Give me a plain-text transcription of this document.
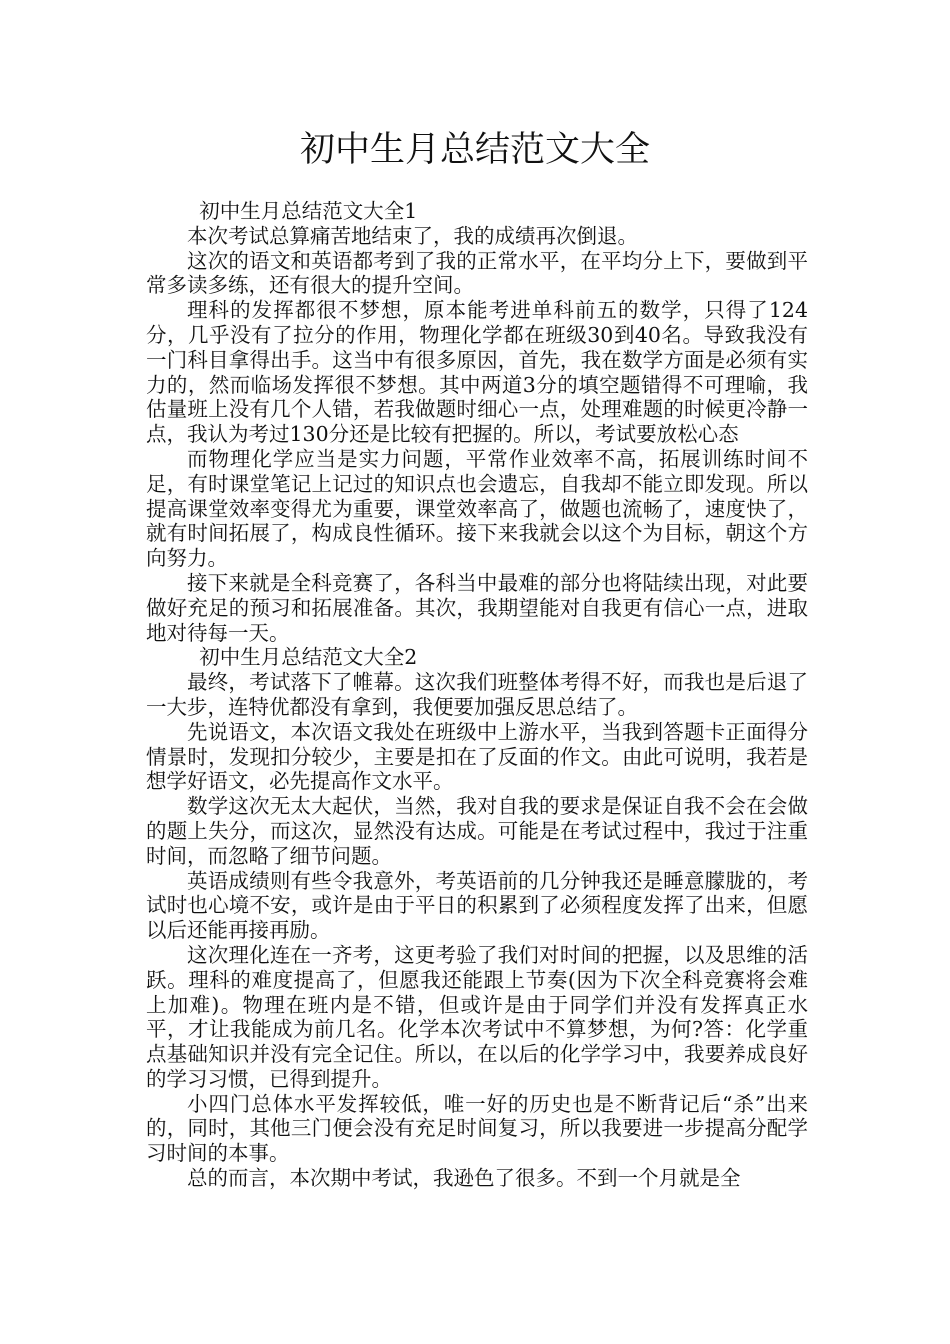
初中生月总结范文大全

初中生月总结范文大全1

本次考试总算痛苦地结束了，我的成绩再次倒退。

这次的语文和英语都考到了我的正常水平，在平均分上下，要做到平常多读多练，还有很大的提升空间。

理科的发挥都很不梦想，原本能考进单科前五的数学，只得了124分，几乎没有了拉分的作用，物理化学都在班级30到40名。导致我没有一门科目拿得出手。这当中有很多原因，首先，我在数学方面是必须有实力的，然而临场发挥很不梦想。其中两道3分的填空题错得不可理喻，我估量班上没有几个人错，若我做题时细心一点，处理难题的时候更冷静一点，我认为考过130分还是比较有把握的。所以，考试要放松心态

而物理化学应当是实力问题，平常作业效率不高，拓展训练时间不足，有时课堂笔记上记过的知识点也会遗忘，自我却不能立即发现。所以提高课堂效率变得尤为重要，课堂效率高了，做题也流畅了，速度快了，就有时间拓展了，构成良性循环。接下来我就会以这个为目标，朝这个方向努力。

接下来就是全科竞赛了，各科当中最难的部分也将陆续出现，对此要做好充足的预习和拓展准备。其次，我期望能对自我更有信心一点，进取地对待每一天。

初中生月总结范文大全2

最终，考试落下了帷幕。这次我们班整体考得不好，而我也是后退了一大步，连特优都没有拿到，我便要加强反思总结了。

先说语文，本次语文我处在班级中上游水平，当我到答题卡正面得分情景时，发现扣分较少，主要是扣在了反面的作文。由此可说明，我若是想学好语文，必先提高作文水平。

数学这次无太大起伏，当然，我对自我的要求是保证自我不会在会做的题上失分，而这次，显然没有达成。可能是在考试过程中，我过于注重时间，而忽略了细节问题。

英语成绩则有些令我意外，考英语前的几分钟我还是睡意朦胧的，考试时也心境不安，或许是由于平日的积累到了必须程度发挥了出来，但愿以后还能再接再励。

这次理化连在一齐考，这更考验了我们对时间的把握，以及思维的活跃。理科的难度提高了，但愿我还能跟上节奏(因为下次全科竞赛将会难上加难)。物理在班内是不错，但或许是由于同学们并没有发挥真正水平，才让我能成为前几名。化学本次考试中不算梦想，为何?答：化学重点基础知识并没有完全记住。所以，在以后的化学学习中，我要养成良好的学习习惯，已得到提升。

小四门总体水平发挥较低，唯一好的历史也是不断背记后“杀”出来的，同时，其他三门便会没有充足时间复习，所以我要进一步提高分配学习时间的本事。

总的而言，本次期中考试，我逊色了很多。不到一个月就是全
